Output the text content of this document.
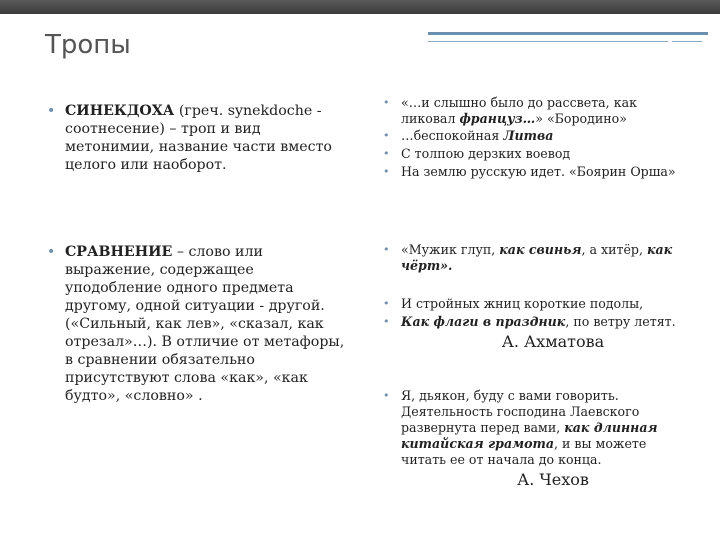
Тропы
• СИНЕКДОХА (греч. synekdoche - соотнесение) – троп и вид метонимии, название части вместо целого или наоборот.
• СРАВНЕНИЕ – слово или выражение, содержащее уподобление одного предмета другому, одной ситуации - другой. («Сильный, как лев», «сказал, как отрезал»…). В отличие от метафоры, в сравнении обязательно присутствуют слова «как», «как будто», «словно» .
• «…и слышно было до рассвета, как ликовал француз…» «Бородино»
• …беспокойная Литва
• С толпою дерзких воевод
• На землю русскую идет. «Боярин Орша»
• «Мужик глуп, как свинья, а хитёр, как чёрт».
• И стройных жниц короткие подолы,
• Как флаги в праздник, по ветру летят.
А. Ахматова
• Я, дьякон, буду с вами говорить. Деятельность господина Лаевского развернута перед вами, как длинная китайская грамота, и вы можете читать ее от начала до конца.
А. Чехов
